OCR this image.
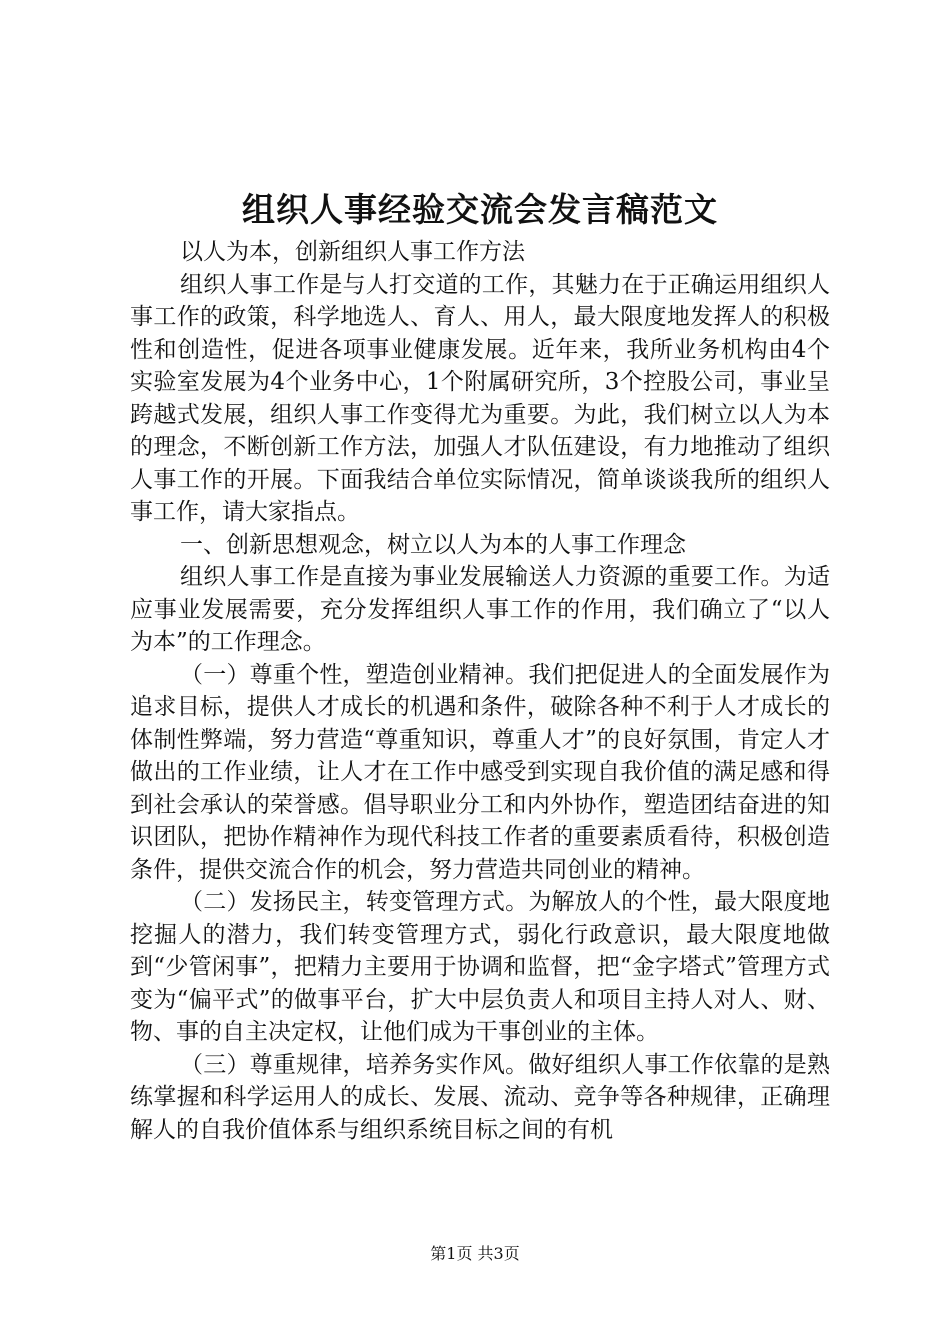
组织人事经验交流会发言稿范文

以人为本，创新组织人事工作方法

组织人事工作是与人打交道的工作，其魅力在于正确运用组织人事工作的政策，科学地选人、育人、用人，最大限度地发挥人的积极性和创造性，促进各项事业健康发展。近年来，我所业务机构由4个实验室发展为4个业务中心，1个附属研究所，3个控股公司，事业呈跨越式发展，组织人事工作变得尤为重要。为此，我们树立以人为本的理念，不断创新工作方法，加强人才队伍建设，有力地推动了组织人事工作的开展。下面我结合单位实际情况，简单谈谈我所的组织人事工作，请大家指点。

一、创新思想观念，树立以人为本的人事工作理念

组织人事工作是直接为事业发展输送人力资源的重要工作。为适应事业发展需要，充分发挥组织人事工作的作用，我们确立了“以人为本”的工作理念。

（一）尊重个性，塑造创业精神。我们把促进人的全面发展作为追求目标，提供人才成长的机遇和条件，破除各种不利于人才成长的体制性弊端，努力营造“尊重知识，尊重人才”的良好氛围，肯定人才做出的工作业绩，让人才在工作中感受到实现自我价值的满足感和得到社会承认的荣誉感。倡导职业分工和内外协作，塑造团结奋进的知识团队，把协作精神作为现代科技工作者的重要素质看待，积极创造条件，提供交流合作的机会，努力营造共同创业的精神。

（二）发扬民主，转变管理方式。为解放人的个性，最大限度地挖掘人的潜力，我们转变管理方式，弱化行政意识，最大限度地做到“少管闲事”，把精力主要用于协调和监督，把“金字塔式”管理方式变为“偏平式”的做事平台，扩大中层负责人和项目主持人对人、财、物、事的自主决定权，让他们成为干事创业的主体。

（三）尊重规律，培养务实作风。做好组织人事工作依靠的是熟练掌握和科学运用人的成长、发展、流动、竞争等各种规律，正确理解人的自我价值体系与组织系统目标之间的有机

第1页 共3页
